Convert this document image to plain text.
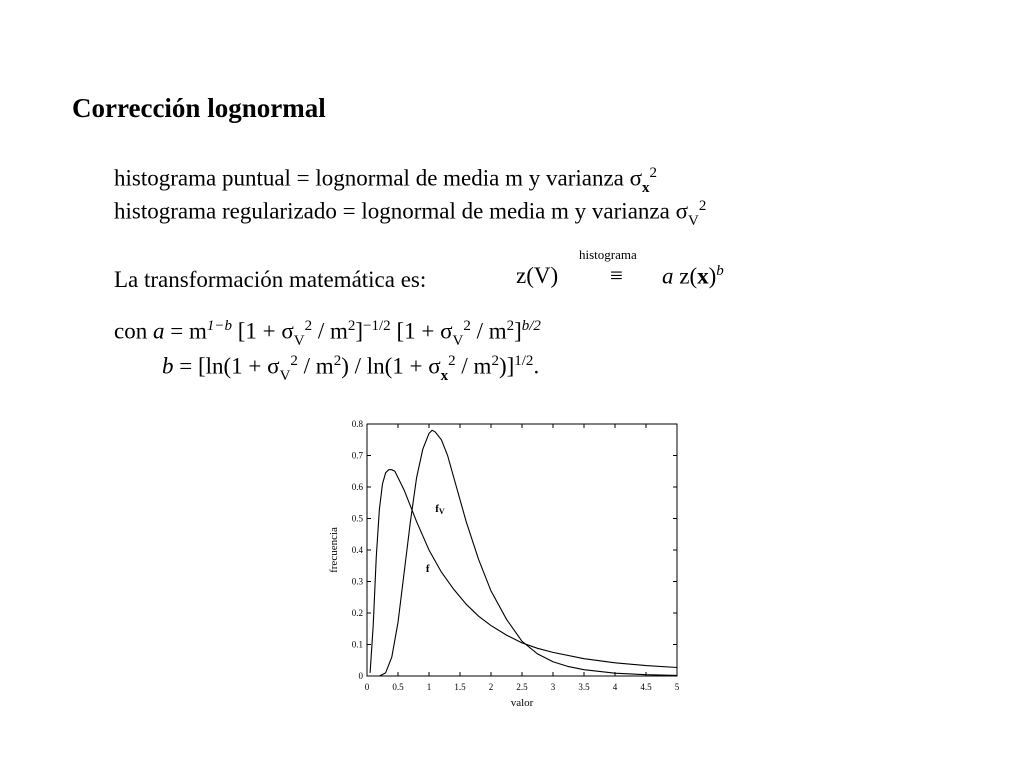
Corrección lognormal
histograma puntual = lognormal de media m y varianza $\sigma_x^2$
histograma regularizado = lognormal de media m y varianza $\sigma_V^2$
La transformación matemática es:
histograma
z(V) ≡ a $z(x)^b$
con $a = m^{1-b}$ $[1 + \sigma_V^2 / m^2]^{-1/2}$ $[1 + \sigma_V^2 / m^2]^{b/2}$
$b = [\ln(1 + \sigma_V^2 / m^2) / \ln(1 + \sigma_x^2 / m^2)]^{1/2}$.
0	0.5	1	1.5	2	2.5	3	3.5	4	4.5	5
0
0.1
0.2
0.3
0.4
0.5
0.6
0.7
0.8
valor
frecuencia
fV
f
